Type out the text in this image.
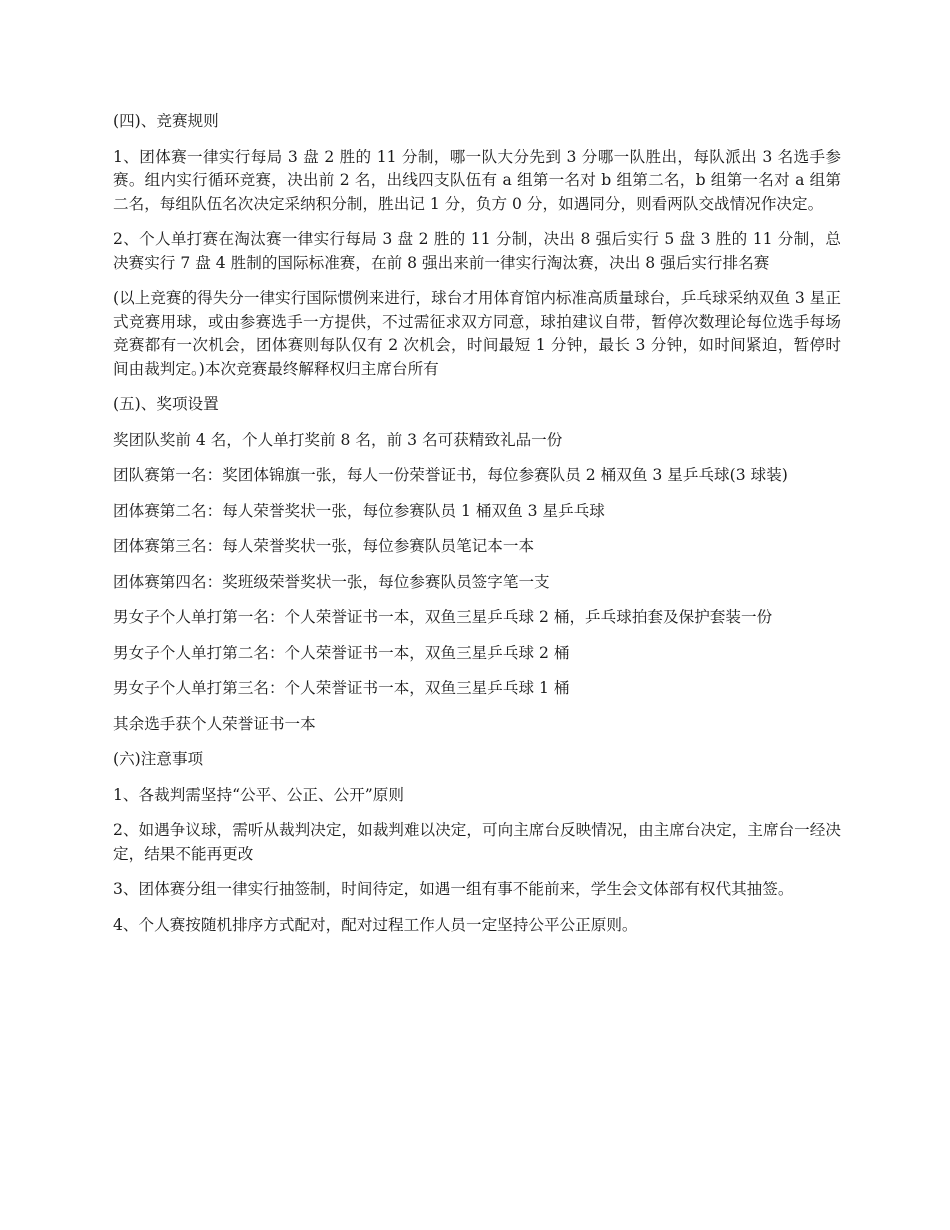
(四)、竞赛规则

1、团体赛一律实行每局 3 盘 2 胜的 11 分制，哪一队大分先到 3 分哪一队胜出，每队派出 3 名选手参赛。组内实行循环竞赛，决出前 2 名，出线四支队伍有 a 组第一名对 b 组第二名，b 组第一名对 a 组第二名，每组队伍名次决定采纳积分制，胜出记 1 分，负方 0 分，如遇同分，则看两队交战情况作决定。

2、个人单打赛在淘汰赛一律实行每局 3 盘 2 胜的 11 分制，决出 8 强后实行 5 盘 3 胜的 11 分制，总决赛实行 7 盘 4 胜制的国际标准赛，在前 8 强出来前一律实行淘汰赛，决出 8 强后实行排名赛

(以上竞赛的得失分一律实行国际惯例来进行，球台才用体育馆内标准高质量球台，乒乓球采纳双鱼 3 星正式竞赛用球，或由参赛选手一方提供，不过需征求双方同意，球拍建议自带，暂停次数理论每位选手每场竞赛都有一次机会，团体赛则每队仅有 2 次机会，时间最短 1 分钟，最长 3 分钟，如时间紧迫，暂停时间由裁判定。)本次竞赛最终解释权归主席台所有

(五)、奖项设置

奖团队奖前 4 名，个人单打奖前 8 名，前 3 名可获精致礼品一份

团队赛第一名：奖团体锦旗一张，每人一份荣誉证书，每位参赛队员 2 桶双鱼 3 星乒乓球(3 球装)

团体赛第二名：每人荣誉奖状一张，每位参赛队员 1 桶双鱼 3 星乒乓球

团体赛第三名：每人荣誉奖状一张，每位参赛队员笔记本一本

团体赛第四名：奖班级荣誉奖状一张，每位参赛队员签字笔一支

男女子个人单打第一名：个人荣誉证书一本，双鱼三星乒乓球 2 桶，乒乓球拍套及保护套装一份

男女子个人单打第二名：个人荣誉证书一本，双鱼三星乒乓球 2 桶

男女子个人单打第三名：个人荣誉证书一本，双鱼三星乒乓球 1 桶

其余选手获个人荣誉证书一本

(六)注意事项

1、各裁判需坚持“公平、公正、公开”原则

2、如遇争议球，需听从裁判决定，如裁判难以决定，可向主席台反映情况，由主席台决定，主席台一经决定，结果不能再更改

3、团体赛分组一律实行抽签制，时间待定，如遇一组有事不能前来，学生会文体部有权代其抽签。

4、个人赛按随机排序方式配对，配对过程工作人员一定坚持公平公正原则。
